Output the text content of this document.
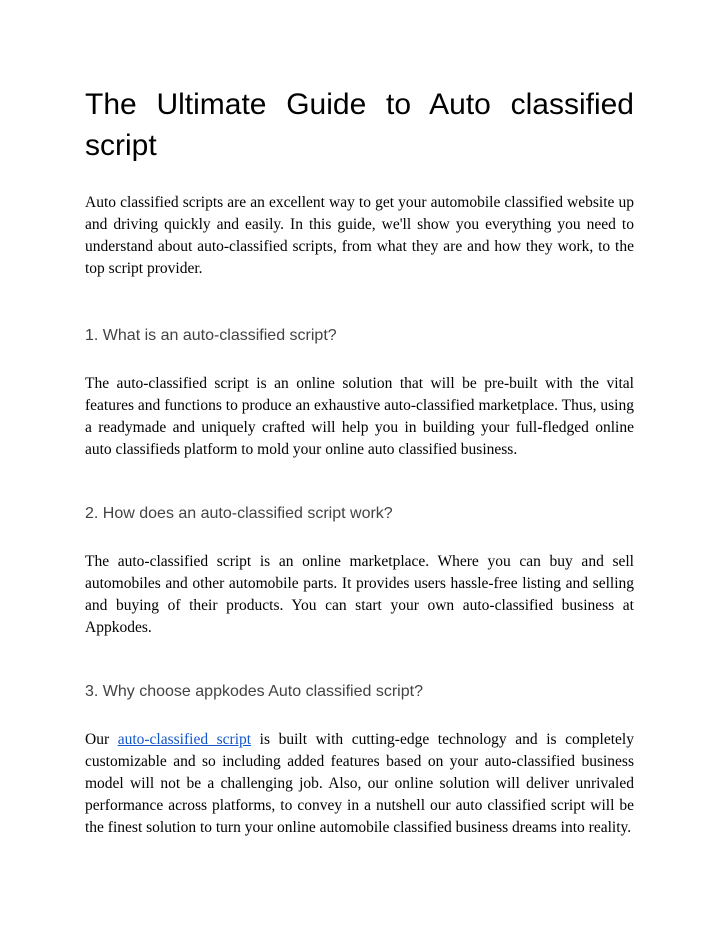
The Ultimate Guide to Auto classified script

Auto classified scripts are an excellent way to get your automobile classified website up and driving quickly and easily. In this guide, we'll show you everything you need to understand about auto-classified scripts, from what they are and how they work, to the top script provider.

1. What is an auto-classified script?

The auto-classified script is an online solution that will be pre-built with the vital features and functions to produce an exhaustive auto-classified marketplace. Thus, using a readymade and uniquely crafted will help you in building your full-fledged online auto classifieds platform to mold your online auto classified business.

2. How does an auto-classified script work?

The auto-classified script is an online marketplace. Where you can buy and sell automobiles and other automobile parts. It provides users hassle-free listing and selling and buying of their products. You can start your own auto-classified business at Appkodes.

3. Why choose appkodes Auto classified script?

Our auto-classified script is built with cutting-edge technology and is completely customizable and so including added features based on your auto-classified business model will not be a challenging job. Also, our online solution will deliver unrivaled performance across platforms, to convey in a nutshell our auto classified script will be the finest solution to turn your online automobile classified business dreams into reality.
